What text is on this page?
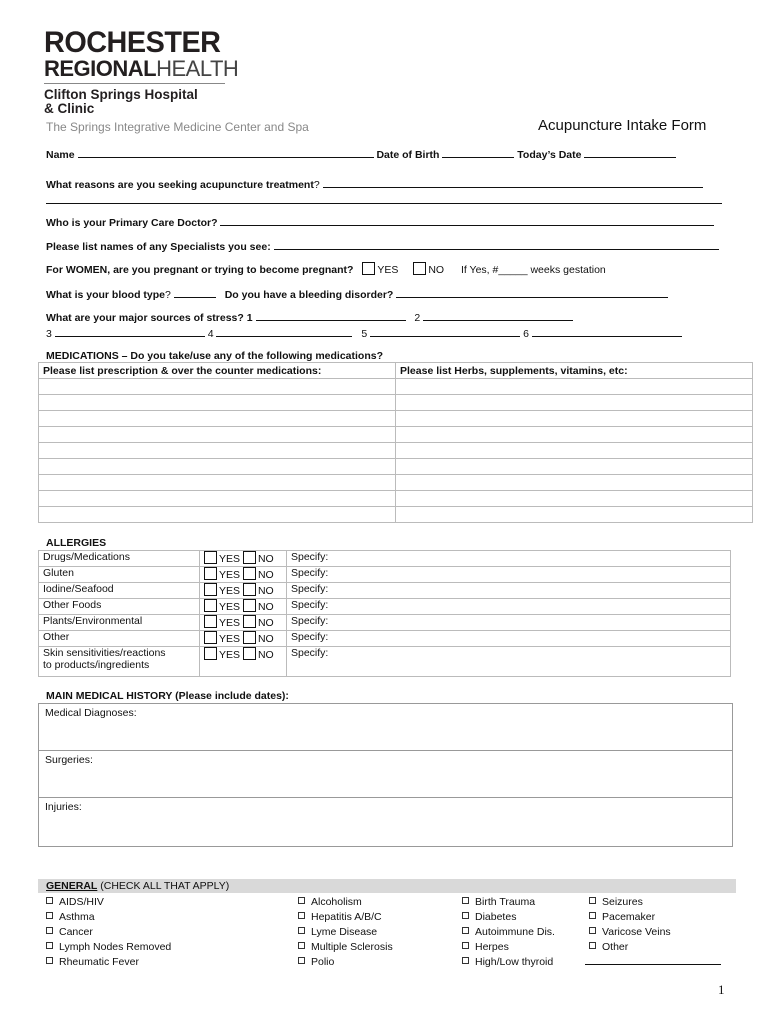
ROCHESTER
REGIONALHEALTH
Clifton Springs Hospital
& Clinic
The Springs Integrative Medicine Center and Spa	Acupuncture Intake Form
Name	Date of Birth	Today’s Date
What reasons are you seeking acupuncture treatment?
Who is your Primary Care Doctor?
Please list names of any Specialists you see:
For WOMEN, are you pregnant or trying to become pregnant? YES	NO If Yes, #_____ weeks gestation
What is your blood type?	Do you have a bleeding disorder?
What are your major sources of stress? 1	2
3	4	5	6
MEDICATIONS – Do you take/use any of the following medications?
Please list prescription & over the counter medications:	Please list Herbs, supplements, vitamins, etc:

ALLERGIES
Drugs/Medications	YES NO	Specify:
Gluten	YES NO	Specify:
Iodine/Seafood	YES NO	Specify:
Other Foods	YES NO	Specify:
Plants/Environmental	YES NO	Specify:
Other	YES NO	Specify:
Skin sensitivities/reactions
to products/ingredients	YES NO	Specify:
MAIN MEDICAL HISTORY (Please include dates):
Medical Diagnoses:
Surgeries:
Injuries:
GENERAL (CHECK ALL THAT APPLY)
AIDS/HIV
Asthma
Cancer
Lymph Nodes Removed
Rheumatic Fever
Alcoholism
Hepatitis A/B/C
Lyme Disease
Multiple Sclerosis
Polio
Birth Trauma
Diabetes
Autoimmune Dis.
Herpes
High/Low thyroid
Seizures
Pacemaker
Varicose Veins
Other
1
